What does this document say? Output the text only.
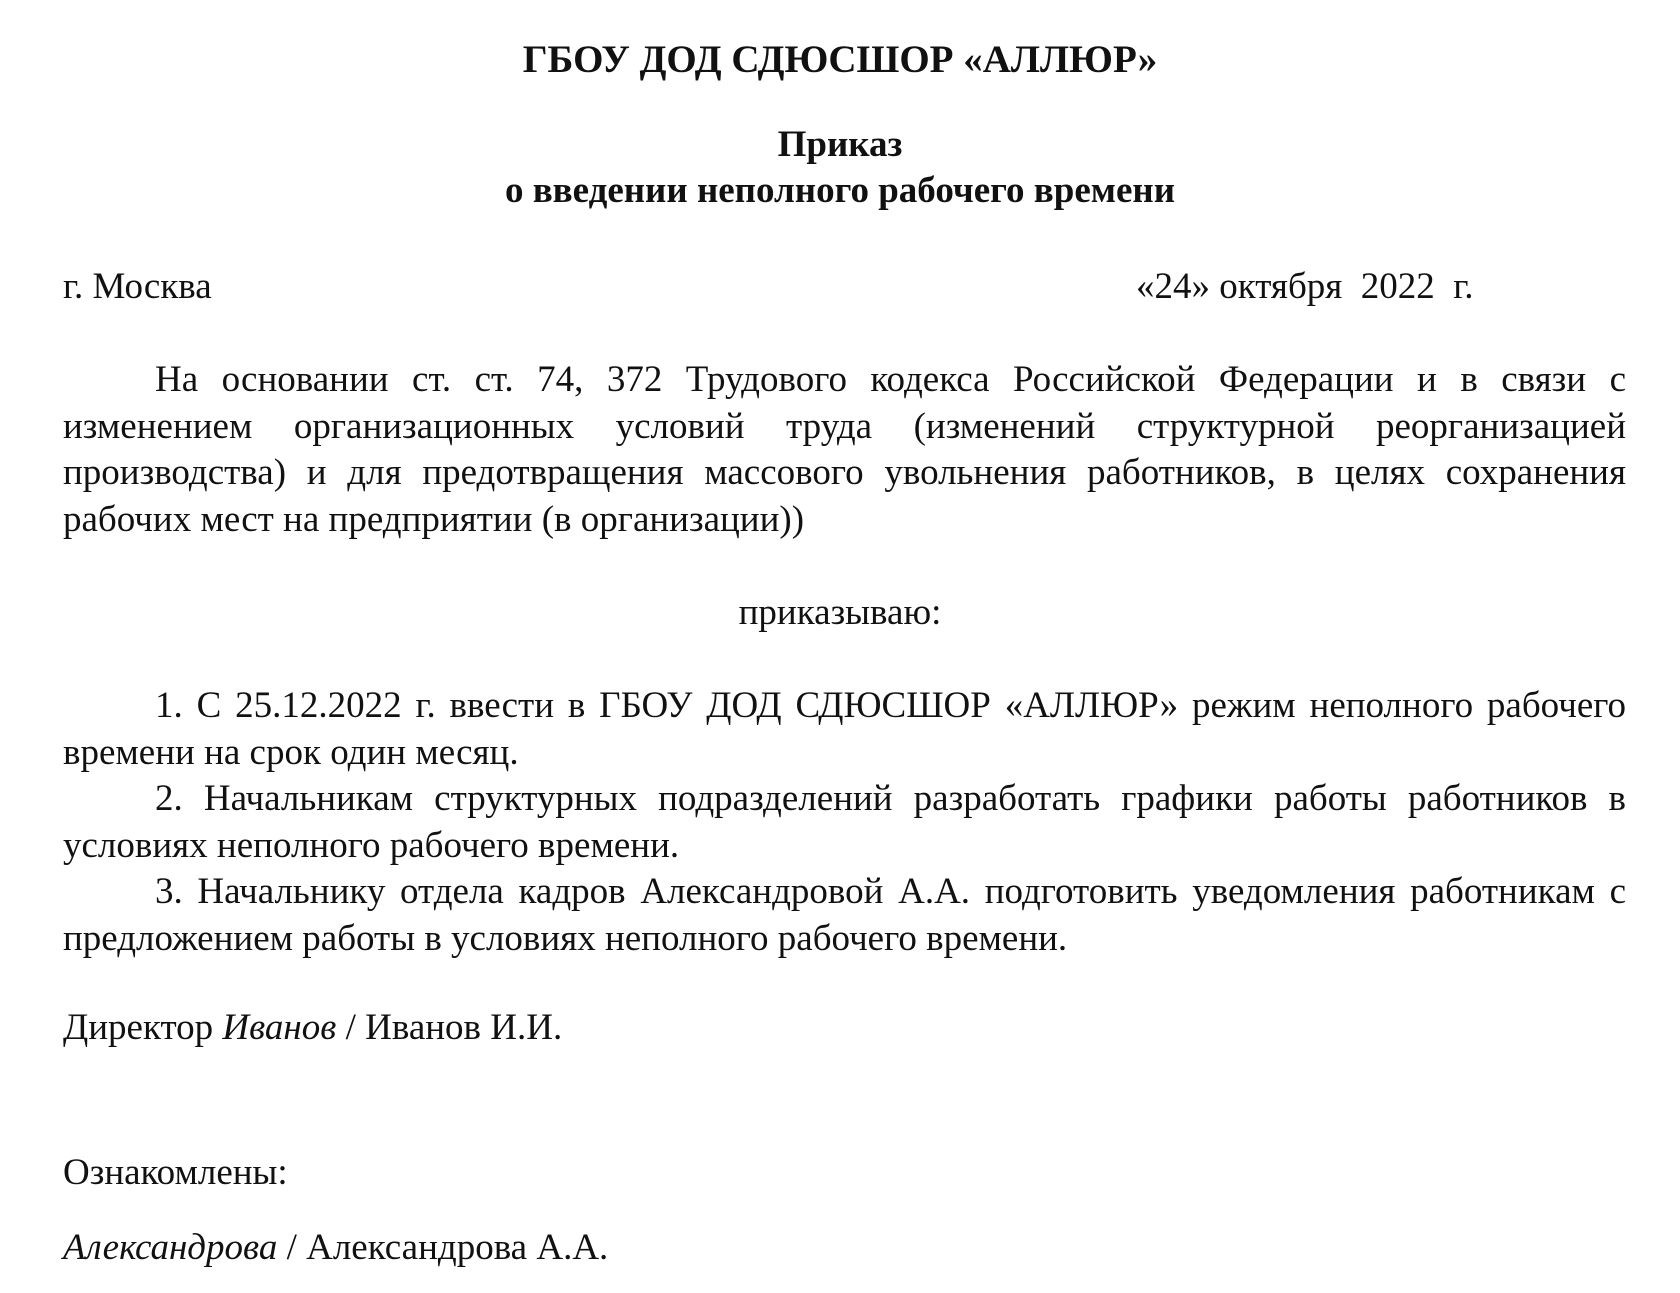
ГБОУ ДОД СДЮСШОР «АЛЛЮР»
Приказ
о введении неполного рабочего времени
г. Москва	«24» октября  2022  г.

На основании ст. ст. 74, 372 Трудового кодекса Российской Федерации и в связи с изменением организационных условий труда (изменений структурной реорганизацией производства) и для предотвращения массового увольнения работников, в целях сохранения рабочих мест на предприятии (в организации))

приказываю:

1. С 25.12.2022 г. ввести в ГБОУ ДОД СДЮСШОР «АЛЛЮР» режим неполного рабочего времени на срок один месяц.

2. Начальникам структурных подразделений разработать графики работы работников в условиях неполного рабочего времени.

3. Начальнику отдела кадров Александровой А.А. подготовить уведомления работникам с предложением работы в условиях неполного рабочего времени.

Директор Иванов / Иванов И.И.
Ознакомлены:
Александрова / Александрова А.А.
